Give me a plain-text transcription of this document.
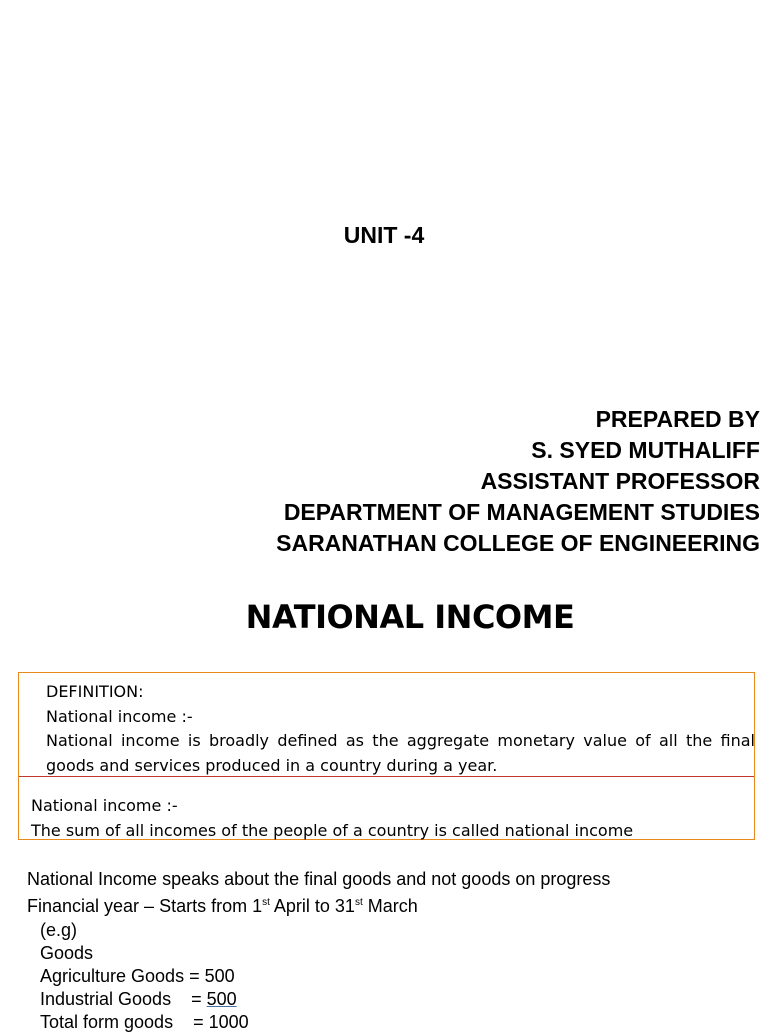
UNIT -4
PREPARED BY
S. SYED MUTHALIFF
ASSISTANT PROFESSOR
DEPARTMENT OF MANAGEMENT STUDIES
SARANATHAN COLLEGE OF ENGINEERING
NATIONAL INCOME
DEFINITION:
National income :-
National income is broadly defined as the aggregate monetary value of all the final goods and services produced in a country during a year.
National income :-
The sum of all incomes of the people of a country is called national income
National Income speaks about the final goods and not goods on progress
Financial year – Starts from 1st April to 31st March
(e.g)
Goods
Agriculture Goods = 500
Industrial Goods    = 500
Total form goods    = 1000
